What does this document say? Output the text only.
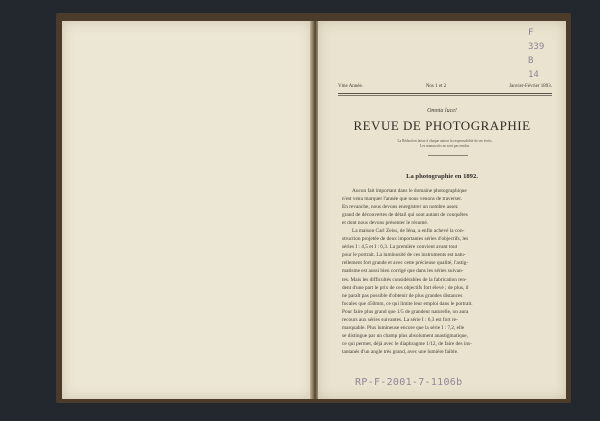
Vme Année.	Nos 1 et 2	Janvier-Février 1893.
Omnia luce!
REVUE DE PHOTOGRAPHIE
La Rédaction laisse à chaque auteur la responsabilité de ses écrits.
Les manuscrits ne sont pas rendus.
La photographie en 1892.
Aucun fait important dans le domaine photographique
n'est venu marquer l'année que nous venons de traverser.
En revanche, nous devons enregistrer un nombre assez
grand de découvertes de détail qui sont autant de conquêtes
et dont nous devons présenter le résumé.
La maison Carl Zeiss, de Iéna, a enfin achevé la con-
struction projetée de deux importantes séries d'objectifs, les
séries I : 4,5 et I : 6,3. La première convient avant tout
pour le portrait. La luminosité de ces instruments est natu-
rellement fort grande et avec cette précieuse qualité, l'astig-
matisme est aussi bien corrigé que dans les séries suivan-
tes. Mais les difficultés considérables de la fabrication ren-
dent d'une part le prix de ces objectifs fort élevé ; de plus, il
ne paraît pas possible d'obtenir de plus grandes distances
focales que 450mm, ce qui limite leur emploi dans le portrait.
Pour faire plus grand que 1/5 de grandeur naturelle, on aura
recours aux séries suivantes. La série I : 6,3 est fort re-
marquable. Plus lumineuse encore que la série I : 7,2, elle
se distingue par un champ plus absolument anastigmatique,
ce qui permet, déjà avec le diaphragme 1/12, de faire des ins-
tantanés d'un angle très grand, avec une lumière faible.
F
339
B
14
RP-F-2001-7-1106b
